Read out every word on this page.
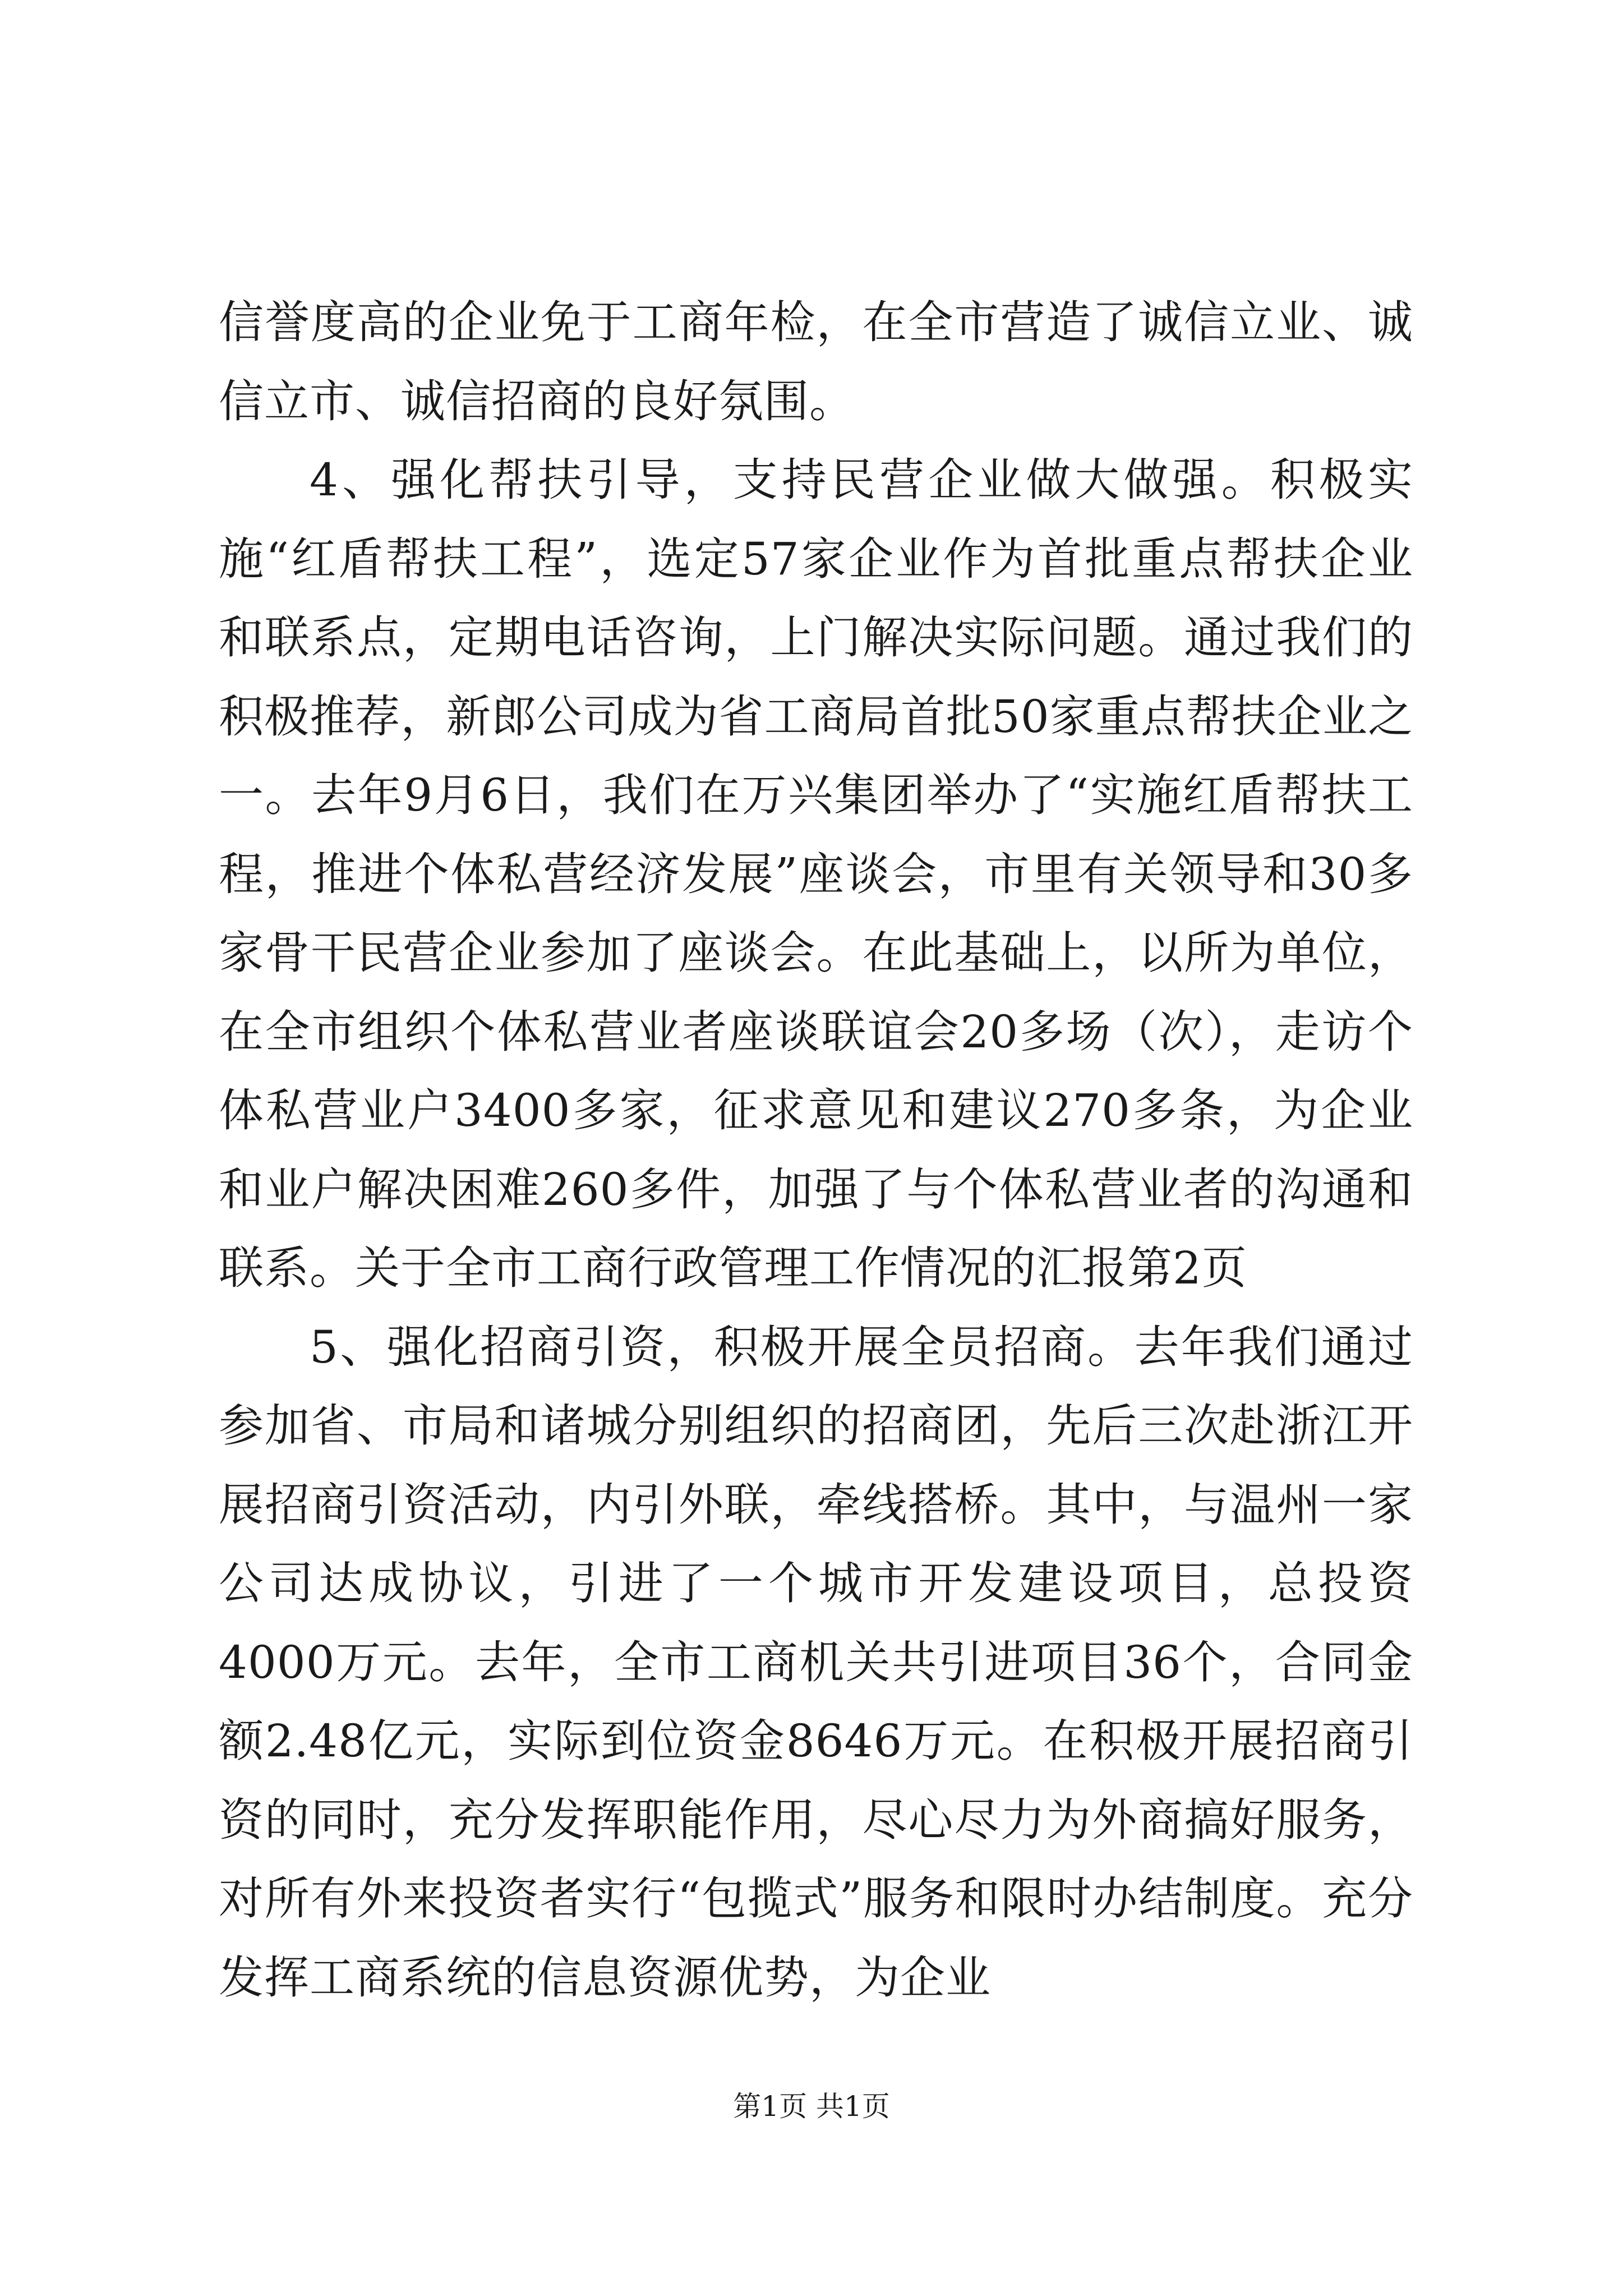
信誉度高的企业免于工商年检，在全市营造了诚信立业、诚信立市、诚信招商的良好氛围。

4、强化帮扶引导，支持民营企业做大做强。积极实施“红盾帮扶工程”，选定57家企业作为首批重点帮扶企业和联系点，定期电话咨询，上门解决实际问题。通过我们的积极推荐，新郎公司成为省工商局首批50家重点帮扶企业之一。去年9月6日，我们在万兴集团举办了“实施红盾帮扶工程，推进个体私营经济发展”座谈会，市里有关领导和30多家骨干民营企业参加了座谈会。在此基础上，以所为单位，在全市组织个体私营业者座谈联谊会20多场（次），走访个体私营业户3400多家，征求意见和建议270多条，为企业和业户解决困难260多件，加强了与个体私营业者的沟通和联系。关于全市工商行政管理工作情况的汇报第2页

5、强化招商引资，积极开展全员招商。去年我们通过参加省、市局和诸城分别组织的招商团，先后三次赴浙江开展招商引资活动，内引外联，牵线搭桥。其中，与温州一家公司达成协议，引进了一个城市开发建设项目，总投资4000万元。去年，全市工商机关共引进项目36个，合同金额2.48亿元，实际到位资金8646万元。在积极开展招商引资的同时，充分发挥职能作用，尽心尽力为外商搞好服务，对所有外来投资者实行“包揽式”服务和限时办结制度。充分发挥工商系统的信息资源优势，为企业

第1页 共1页
